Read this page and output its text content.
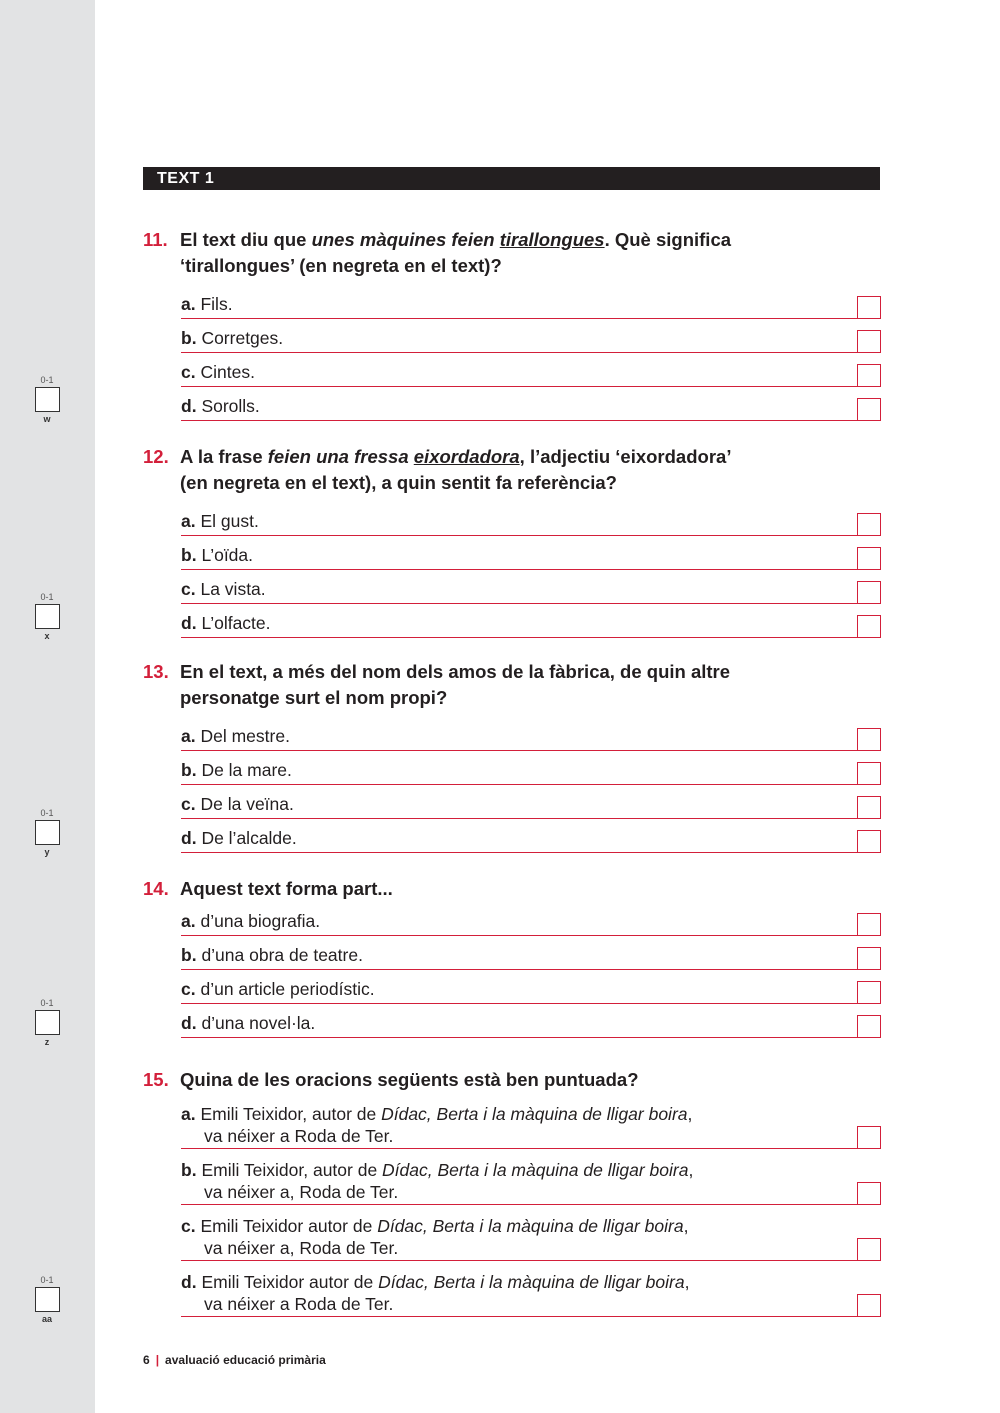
0-1
w
0-1
x
0-1
y
0-1
z
0-1
aa
TEXT 1
11. El text diu que unes màquines feien tirallongues. Què significa
‘tirallongues’ (en negreta en el text)?
a. Fils.
b. Corretges.
c. Cintes.
d. Sorolls.
12. A la frase feien una fressa eixordadora, l’adjectiu ‘eixordadora’
(en negreta en el text), a quin sentit fa referència?
a. El gust.
b. L’oïda.
c. La vista.
d. L’olfacte.
13. En el text, a més del nom dels amos de la fàbrica, de quin altre
personatge surt el nom propi?
a. Del mestre.
b. De la mare.
c. De la veïna.
d. De l’alcalde.
14. Aquest text forma part...
a. d’una biografia.
b. d’una obra de teatre.
c. d’un article periodístic.
d. d’una novel·la.
15. Quina de les oracions següents està ben puntuada?
a. Emili Teixidor, autor de Dídac, Berta i la màquina de lligar boira,
va néixer a Roda de Ter.
b. Emili Teixidor, autor de Dídac, Berta i la màquina de lligar boira,
va néixer a, Roda de Ter.
c. Emili Teixidor autor de Dídac, Berta i la màquina de lligar boira,
va néixer a, Roda de Ter.
d. Emili Teixidor autor de Dídac, Berta i la màquina de lligar boira,
va néixer a Roda de Ter.
6 | avaluació educació primària
